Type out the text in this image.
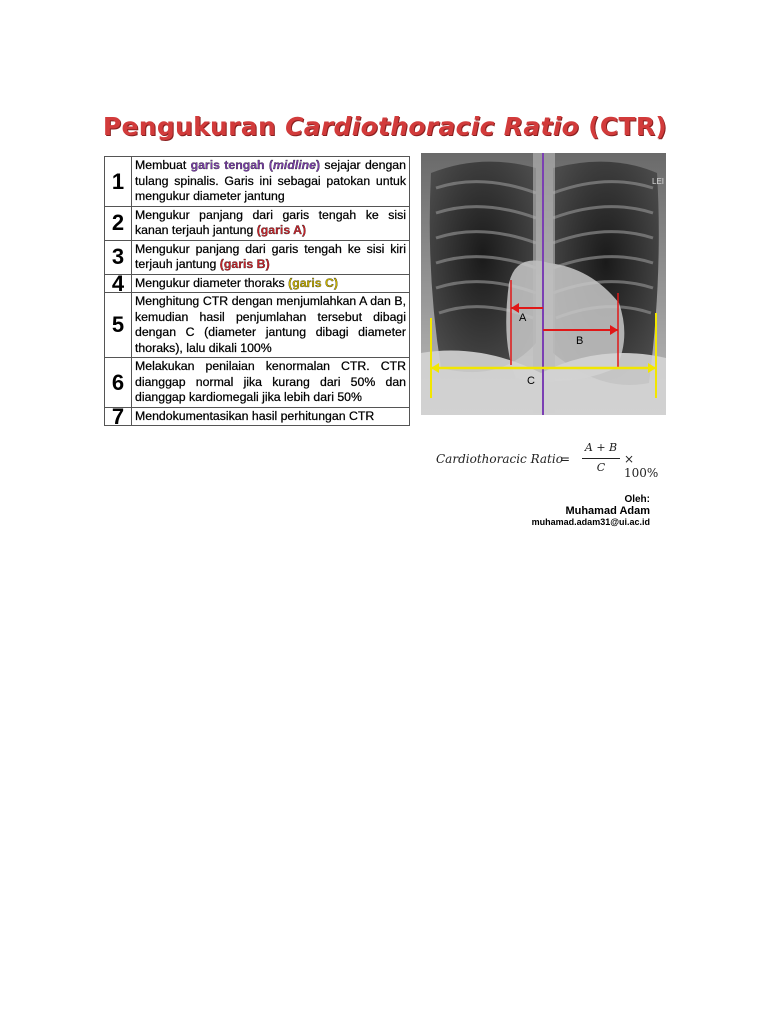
Pengukuran Cardiothoracic Ratio (CTR)
1	Membuat garis tengah (midline) sejajar dengan tulang spinalis. Garis ini sebagai patokan untuk mengukur diameter jantung
2	Mengukur panjang dari garis tengah ke sisi kanan terjauh jantung (garis A)
3	Mengukur panjang dari garis tengah ke sisi kiri terjauh jantung (garis B)
4	Mengukur diameter thoraks (garis C)
5	Menghitung CTR dengan menjumlahkan A dan B, kemudian hasil penjumlahan tersebut dibagi dengan C (diameter jantung dibagi diameter thoraks), lalu dikali 100%
6	Melakukan penilaian kenormalan CTR. CTR dianggap normal jika kurang dari 50% dan dianggap kardiomegali jika lebih dari 50%
7	Mendokumentasikan hasil perhitungan CTR
A
B
C
LEI
Cardiothoracic Ratio
=
A + B
C
× 100%
Oleh:
Muhamad Adam
muhamad.adam31@ui.ac.id
